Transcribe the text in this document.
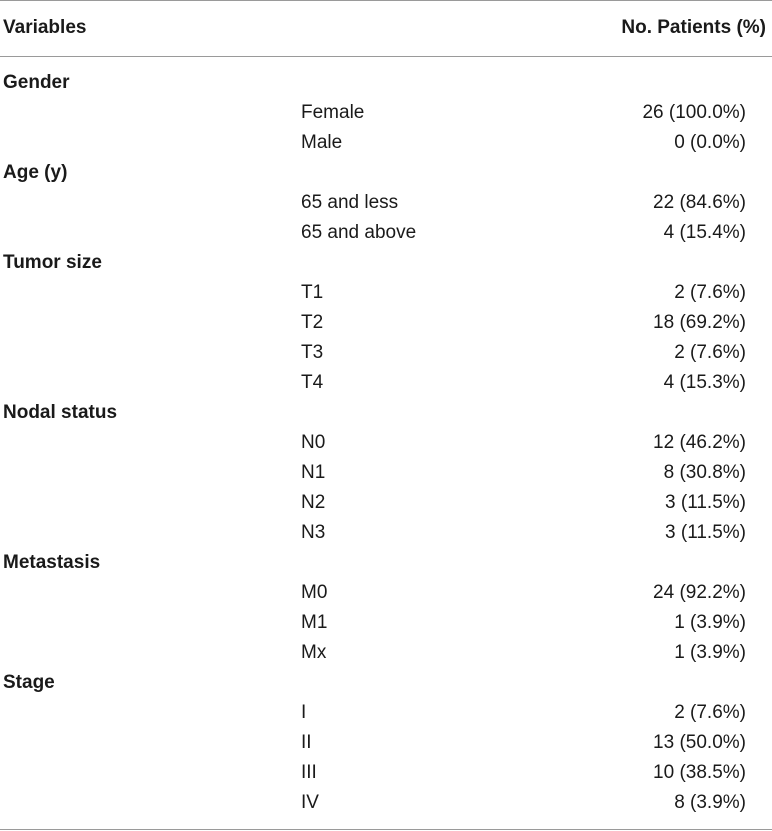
Variables	No. Patients (%)
Gender
Female	26 (100.0%)
Male	0 (0.0%)
Age (y)
65 and less	22 (84.6%)
65 and above	4 (15.4%)
Tumor size
T1	2 (7.6%)
T2	18 (69.2%)
T3	2 (7.6%)
T4	4 (15.3%)
Nodal status
N0	12 (46.2%)
N1	8 (30.8%)
N2	3 (11.5%)
N3	3 (11.5%)
Metastasis
M0	24 (92.2%)
M1	1 (3.9%)
Mx	1 (3.9%)
Stage
I	2 (7.6%)
II	13 (50.0%)
III	10 (38.5%)
IV	8 (3.9%)
